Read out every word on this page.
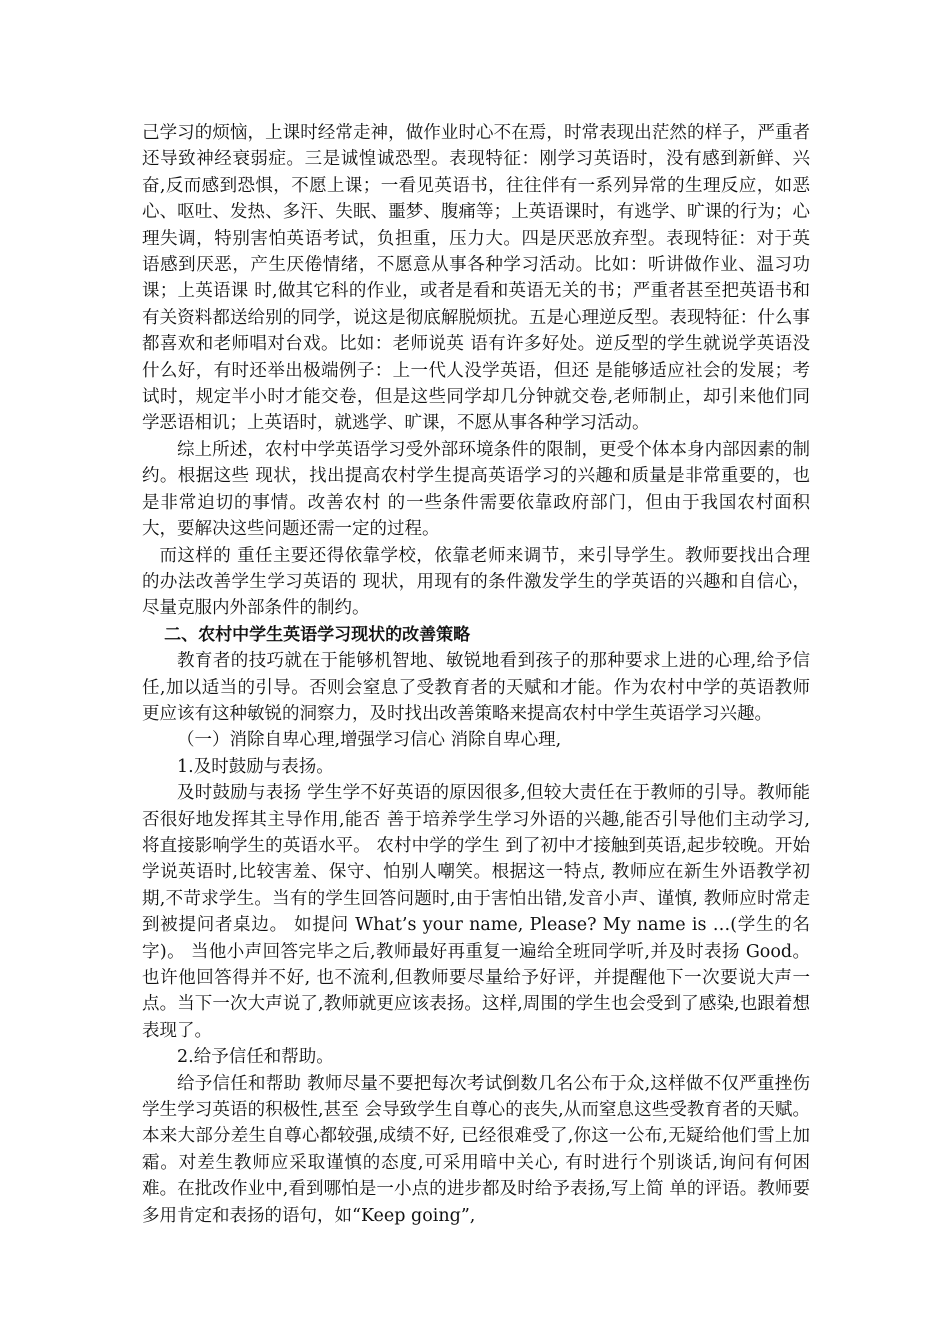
己学习的烦恼，上课时经常走神，做作业时心不在焉，时常表现出茫然的样子，严重者还导致神经衰弱症。三是诚惶诚恐型。表现特征：刚学习英语时，没有感到新鲜、兴奋,反而感到恐惧，不愿上课；一看见英语书，往往伴有一系列异常的生理反应，如恶心、呕吐、发热、多汗、失眠、噩梦、腹痛等；上英语课时，有逃学、旷课的行为；心理失调，特别害怕英语考试，负担重，压力大。四是厌恶放弃型。表现特征：对于英 语感到厌恶，产生厌倦情绪，不愿意从事各种学习活动。比如：听讲做作业、温习功课；上英语课 时,做其它科的作业，或者是看和英语无关的书；严重者甚至把英语书和有关资料都送给别的同学，说这是彻底解脱烦扰。五是心理逆反型。表现特征：什么事都喜欢和老师唱对台戏。比如：老师说英 语有许多好处。逆反型的学生就说学英语没什么好，有时还举出极端例子：上一代人没学英语，但还 是能够适应社会的发展；考试时，规定半小时才能交卷，但是这些同学却几分钟就交卷,老师制止，却引来他们同学恶语相讥；上英语时，就逃学、旷课，不愿从事各种学习活动。

综上所述，农村中学英语学习受外部环境条件的限制，更受个体本身内部因素的制约。根据这些 现状，找出提高农村学生提高英语学习的兴趣和质量是非常重要的，也是非常迫切的事情。改善农村 的一些条件需要依靠政府部门，但由于我国农村面积大，要解决这些问题还需一定的过程。

而这样的 重任主要还得依靠学校，依靠老师来调节，来引导学生。教师要找出合理的办法改善学生学习英语的 现状，用现有的条件激发学生的学英语的兴趣和自信心，尽量克服内外部条件的制约。

二、农村中学生英语学习现状的改善策略

教育者的技巧就在于能够机智地、敏锐地看到孩子的那种要求上进的心理,给予信任,加以适当的引导。否则会窒息了受教育者的天赋和才能。作为农村中学的英语教师更应该有这种敏锐的洞察力，及时找出改善策略来提高农村中学生英语学习兴趣。

（一）消除自卑心理,增强学习信心 消除自卑心理,

1.及时鼓励与表扬。

及时鼓励与表扬 学生学不好英语的原因很多,但较大责任在于教师的引导。教师能否很好地发挥其主导作用,能否 善于培养学生学习外语的兴趣,能否引导他们主动学习,将直接影响学生的英语水平。 农村中学的学生 到了初中才接触到英语,起步较晚。开始学说英语时,比较害羞、保守、怕别人嘲笑。根据这一特点, 教师应在新生外语教学初期,不苛求学生。当有的学生回答问题时,由于害怕出错,发音小声、谨慎, 教师应时常走到被提问者桌边。 如提问 What’s your name, Please? My name is …(学生的名字)。 当他小声回答完毕之后,教师最好再重复一遍给全班同学听,并及时表扬 Good。也许他回答得并不好, 也不流利,但教师要尽量给予好评，并提醒他下一次要说大声一点。当下一次大声说了,教师就更应该表扬。这样,周围的学生也会受到了感染,也跟着想表现了。

2.给予信任和帮助。

给予信任和帮助 教师尽量不要把每次考试倒数几名公布于众,这样做不仅严重挫伤学生学习英语的积极性,甚至 会导致学生自尊心的丧失,从而窒息这些受教育者的天赋。本来大部分差生自尊心都较强,成绩不好, 已经很难受了,你这一公布,无疑给他们雪上加霜。对差生教师应采取谨慎的态度,可采用暗中关心, 有时进行个别谈话,询问有何困难。在批改作业中,看到哪怕是一小点的进步都及时给予表扬,写上简 单的评语。教师要多用肯定和表扬的语句，如“Keep going”,
